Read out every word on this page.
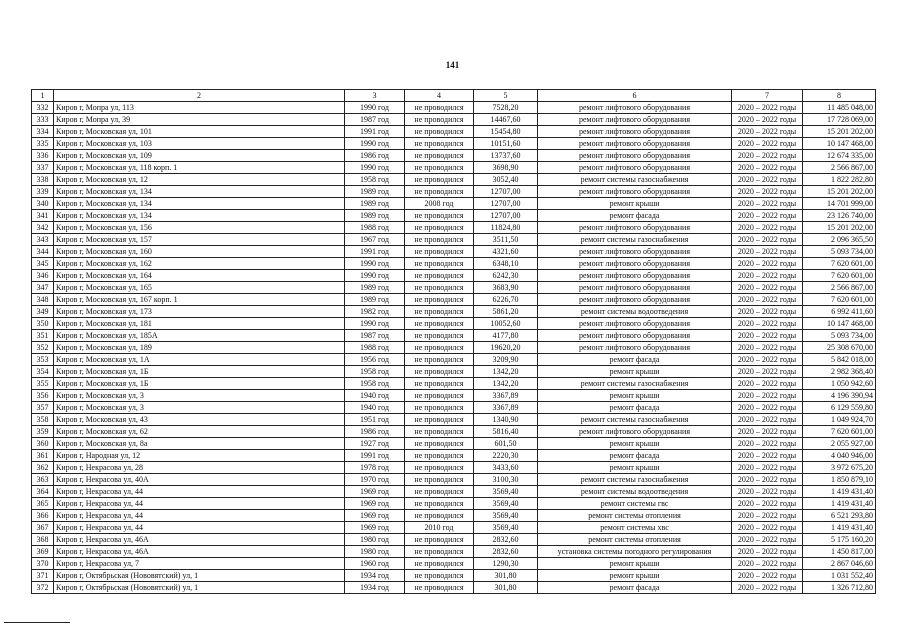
141
1	2	3	4	5	6	7	8
332	Киров г, Мопра ул, 113	1990 год	не проводился	7528,20	ремонт лифтового оборудования	2020 – 2022 годы	11 485 048,00
333	Киров г, Мопра ул, 39	1987 год	не проводился	14467,60	ремонт лифтового оборудования	2020 – 2022 годы	17 728 069,00
334	Киров г, Московская ул, 101	1991 год	не проводился	15454,80	ремонт лифтового оборудования	2020 – 2022 годы	15 201 202,00
335	Киров г, Московская ул, 103	1990 год	не проводился	10151,60	ремонт лифтового оборудования	2020 – 2022 годы	10 147 468,00
336	Киров г, Московская ул, 109	1986 год	не проводился	13737,60	ремонт лифтового оборудования	2020 – 2022 годы	12 674 335,00
337	Киров г, Московская ул, 118 корп. 1	1990 год	не проводился	3698,90	ремонт лифтового оборудования	2020 – 2022 годы	2 566 867,00
338	Киров г, Московская ул, 12	1958 год	не проводился	3052,40	ремонт системы газоснабжения	2020 – 2022 годы	1 822 282,80
339	Киров г, Московская ул, 134	1989 год	не проводился	12707,00	ремонт лифтового оборудования	2020 – 2022 годы	15 201 202,00
340	Киров г, Московская ул, 134	1989 год	2008 год	12707,00	ремонт крыши	2020 – 2022 годы	14 701 999,00
341	Киров г, Московская ул, 134	1989 год	не проводился	12707,00	ремонт фасада	2020 – 2022 годы	23 126 740,00
342	Киров г, Московская ул, 156	1988 год	не проводился	11824,80	ремонт лифтового оборудования	2020 – 2022 годы	15 201 202,00
343	Киров г, Московская ул, 157	1967 год	не проводился	3511,50	ремонт системы газоснабжения	2020 – 2022 годы	2 096 365,50
344	Киров г, Московская ул, 160	1991 год	не проводился	4321,60	ремонт лифтового оборудования	2020 – 2022 годы	5 093 734,00
345	Киров г, Московская ул, 162	1990 год	не проводился	6348,10	ремонт лифтового оборудования	2020 – 2022 годы	7 620 601,00
346	Киров г, Московская ул, 164	1990 год	не проводился	6242,30	ремонт лифтового оборудования	2020 – 2022 годы	7 620 601,00
347	Киров г, Московская ул, 165	1989 год	не проводился	3683,90	ремонт лифтового оборудования	2020 – 2022 годы	2 566 867,00
348	Киров г, Московская ул, 167 корп. 1	1989 год	не проводился	6226,70	ремонт лифтового оборудования	2020 – 2022 годы	7 620 601,00
349	Киров г, Московская ул, 173	1982 год	не проводился	5861,20	ремонт системы водоотведения	2020 – 2022 годы	6 992 411,60
350	Киров г, Московская ул, 181	1990 год	не проводился	10052,60	ремонт лифтового оборудования	2020 – 2022 годы	10 147 468,00
351	Киров г, Московская ул, 185А	1987 год	не проводился	4177,80	ремонт лифтового оборудования	2020 – 2022 годы	5 093 734,00
352	Киров г, Московская ул, 189	1988 год	не проводился	19620,20	ремонт лифтового оборудования	2020 – 2022 годы	25 308 670,00
353	Киров г, Московская ул, 1А	1956 год	не проводился	3209,90	ремонт фасада	2020 – 2022 годы	5 842 018,00
354	Киров г, Московская ул, 1Б	1958 год	не проводился	1342,20	ремонт крыши	2020 – 2022 годы	2 982 368,40
355	Киров г, Московская ул, 1Б	1958 год	не проводился	1342,20	ремонт системы газоснабжения	2020 – 2022 годы	1 050 942,60
356	Киров г, Московская ул, 3	1940 год	не проводился	3367,89	ремонт крыши	2020 – 2022 годы	4 196 390,94
357	Киров г, Московская ул, 3	1940 год	не проводился	3367,89	ремонт фасада	2020 – 2022 годы	6 129 559,80
358	Киров г, Московская ул, 43	1951 год	не проводился	1340,90	ремонт системы газоснабжения	2020 – 2022 годы	1 049 924,70
359	Киров г, Московская ул, 62	1986 год	не проводился	5816,40	ремонт лифтового оборудования	2020 – 2022 годы	7 620 601,00
360	Киров г, Московская ул, 8а	1927 год	не проводился	601,50	ремонт крыши	2020 – 2022 годы	2 055 927,00
361	Киров г, Народная ул, 12	1991 год	не проводился	2220,30	ремонт фасада	2020 – 2022 годы	4 040 946,00
362	Киров г, Некрасова ул, 28	1978 год	не проводился	3433,60	ремонт крыши	2020 – 2022 годы	3 972 675,20
363	Киров г, Некрасова ул, 40А	1970 год	не проводился	3100,30	ремонт системы газоснабжения	2020 – 2022 годы	1 850 879,10
364	Киров г, Некрасова ул, 44	1969 год	не проводился	3569,40	ремонт системы водоотведения	2020 – 2022 годы	1 419 431,40
365	Киров г, Некрасова ул, 44	1969 год	не проводился	3569,40	ремонт системы гвс	2020 – 2022 годы	1 419 431,40
366	Киров г, Некрасова ул, 44	1969 год	не проводился	3569,40	ремонт системы отопления	2020 – 2022 годы	6 521 293,80
367	Киров г, Некрасова ул, 44	1969 год	2010 год	3569,40	ремонт системы хвс	2020 – 2022 годы	1 419 431,40
368	Киров г, Некрасова ул, 46А	1980 год	не проводился	2832,60	ремонт системы отопления	2020 – 2022 годы	5 175 160,20
369	Киров г, Некрасова ул, 46А	1980 год	не проводился	2832,60	установка системы погодного регулирования	2020 – 2022 годы	1 450 817,00
370	Киров г, Некрасова ул, 7	1960 год	не проводился	1290,30	ремонт крыши	2020 – 2022 годы	2 867 046,60
371	Киров г, Октябрьская (Нововятский) ул, 1	1934 год	не проводился	301,80	ремонт крыши	2020 – 2022 годы	1 031 552,40
372	Киров г, Октябрьская (Нововятский) ул, 1	1934 год	не проводился	301,80	ремонт фасада	2020 – 2022 годы	1 326 712,80
